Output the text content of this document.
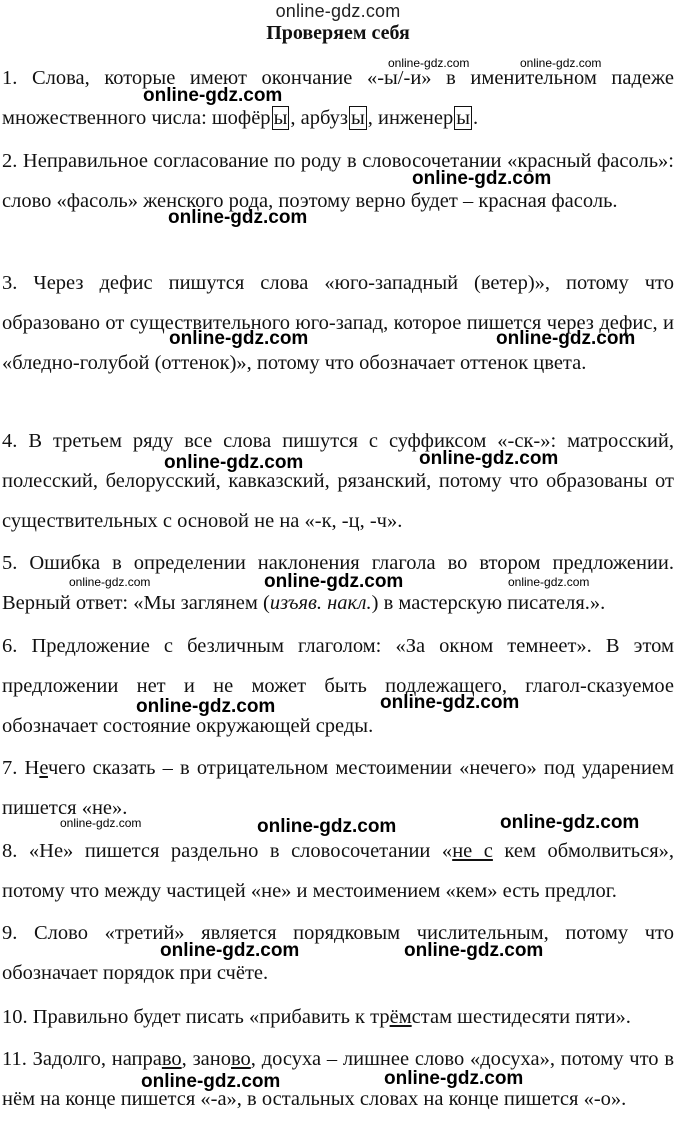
online-gdz.com
Проверяем себя

1. Слова, которые имеют окончание «-ы/-и» в именительном падеже множественного числа: шофёр ы , арбуз ы , инженер ы .

2. Неправильное согласование по роду в словосочетании «красный фасоль»: слово «фасоль» женского рода, поэтому верно будет – красная фасоль.

3. Через дефис пишутся слова «юго-западный (ветер)», потому что образовано от существительного юго-запад, которое пишется через дефис, и «бледно-голубой (оттенок)», потому что обозначает оттенок цвета.

4. В третьем ряду все слова пишутся с суффиксом «-ск-»: матросский, полесский, белорусский, кавказский, рязанский, потому что образованы от существительных с основой не на «-к, -ц, -ч».

5. Ошибка в определении наклонения глагола во втором предложении. Верный ответ: «Мы заглянем (изъяв. накл.) в мастерскую писателя.».

6. Предложение с безличным глаголом: «За окном темнеет». В этом предложении нет и не может быть подлежащего, глагол-сказуемое обозначает состояние окружающей среды.

7. Нечего сказать – в отрицательном местоимении «нечего» под ударением пишется «не».

8. «Не» пишется раздельно в словосочетании «не с кем обмолвиться», потому что между частицей «не» и местоимением «кем» есть предлог.

9. Слово «третий» является порядковым числительным, потому что обозначает порядок при счёте.

10. Правильно будет писать «прибавить к трёмстам шестидесяти пяти».

11. Задолго, направо, заново, досуха – лишнее слово «досуха», потому что в нём на конце пишется «-а», в остальных словах на конце пишется «-о».

online-gdz.com	online-gdz.com
online-gdz.com
online-gdz.com
online-gdz.com
online-gdz.com	online-gdz.com
online-gdz.com	online-gdz.com
online-gdz.com	online-gdz.com	online-gdz.com
online-gdz.com	online-gdz.com
online-gdz.com	online-gdz.com	online-gdz.com
online-gdz.com	online-gdz.com
online-gdz.com	online-gdz.com
